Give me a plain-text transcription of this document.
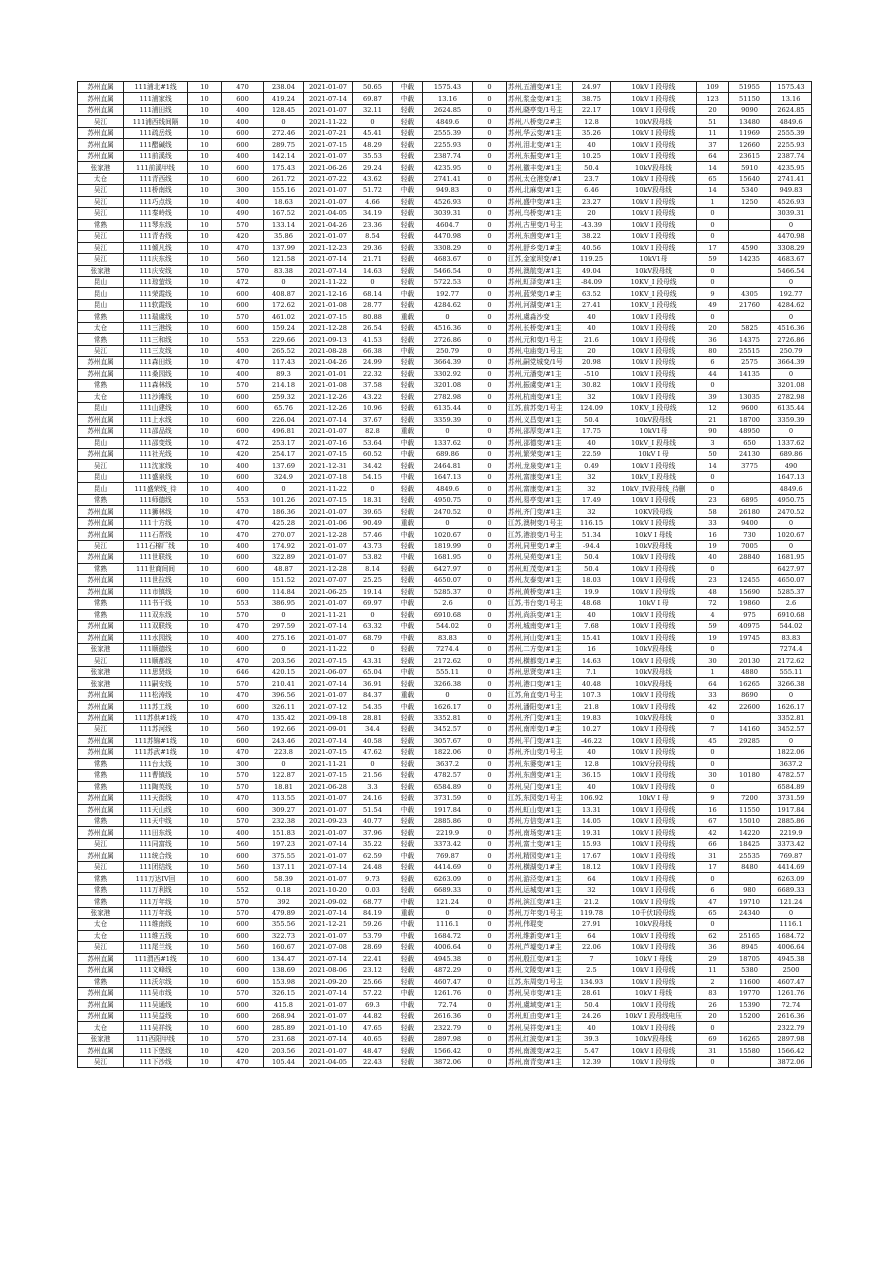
苏州直属	111浦北#1线	10	470	238.04	2021-01-07	50.65	中载	1575.43	0	苏州,五浦变/#1主	24.97	10kV I 段母线	109	51955	1575.43
苏州直属	111浦家线	10	600	419.24	2021-07-14	69.87	中载	13.16	0	苏州,浆金变/#1主	38.75	10kV I 段母线	123	51150	13.16
苏州直属	111浦田线	10	400	128.45	2021-01-07	32.11	轻载	2624.85	0	苏州,晓亭变/1号主	22.17	10kV I 段母线	20	9090	2624.85
吴江	111浦西线间隔	10	400	0	2021-11-22	0	轻载	4849.6	0	苏州,八桥变/2#主	12.8	10kV段母线	51	13480	4849.6
苏州直属	111疏岳线	10	600	272.46	2021-07-21	45.41	轻载	2555.39	0	苏州,华云变/#1主	35.26	10kV I 段母线	11	11969	2555.39
苏州直属	111醋碱线	10	600	289.75	2021-07-15	48.29	轻载	2255.93	0	苏州,泪北变/#1主	40	10kV I 段母线	37	12660	2255.93
苏州直属	111前溪线	10	400	142.14	2021-01-07	35.53	轻载	2387.74	0	苏州,东振变/#1主	10.25	10kV I 段母线	64	23615	2387.74
张家港	111前溪甲线	10	600	175.43	2021-06-26	29.24	轻载	4235.95	0	苏州,徽丰变/#1主	50.4	10kV段母线	14	5910	4235.95
太仓	111青西线	10	600	261.72	2021-07-22	43.62	轻载	2741.41	0	苏州,太仓港变/#1	23.7	10kV I 段母线	65	15640	2741.41
吴江	111桥南线	10	300	155.16	2021-01-07	51.72	中载	949.83	0	苏州,北麻变/#1主	6.46	10kV段母线	14	5340	949.83
吴江	111巧点线	10	400	18.63	2021-01-07	4.66	轻载	4526.93	0	苏州,盛中变/#1主	23.27	10kV I 段母线	1	1250	4526.93
吴江	111秦岭线	10	490	167.52	2021-04-05	34.19	轻载	3039.31	0	苏州,乌桥变/#1主	20	10kV I 段母线	0		3039.31
常熟	111琴东线	10	570	133.14	2021-04-26	23.36	轻载	4604.7	0	苏州,古里变/1号主	-43.39	10kV I 段母线	0		0
吴江	111青杏线	10	420	35.86	2021-01-07	8.54	轻载	4470.98	0	苏州,东茵变/#1主	38.22	10kV I 段母线	0		4470.98
吴江	111倾凡线	10	470	137.99	2021-12-23	29.36	轻载	3308.29	0	苏州,舒乡变/1#主	40.56	10kV I 段母线	17	4590	3308.29
吴江	111庆东线	10	560	121.58	2021-07-14	21.71	轻载	4683.67	0	江苏,金家坝变/#1	119.25	10kV1母	59	14235	4683.67
张家港	111庆安线	10	570	83.38	2021-07-14	14.63	轻载	5466.54	0	苏州,澳航变/#1主	49.04	10kV段母线	0		5466.54
昆山	111琼萤线	10	472	0	2021-11-22	0	轻载	5722.53	0	苏州,虹泽变/#1主	-84.09	10KV_I 段母线	0		0
昆山	111荣霞线	10	600	408.87	2021-12-16	68.14	中载	192.77	0	苏州,蓝荣变/1#主	63.52	10KV_I 段母线	9	4305	192.77
昆山	111软霞线	10	600	172.62	2021-01-08	28.77	轻载	4284.62	0	苏州,河湖变/#1主	27.41	10KV_I 段母线	49	21760	4284.62
常熟	111瑞虞线	10	570	461.02	2021-07-15	80.88	重载	0	0	苏州,虞淼沙变	40	10kV I 段母线	0		0
太仓	111三港线	10	600	159.24	2021-12-28	26.54	轻载	4516.36	0	苏州,长桥变/#1主	40	10kV I 段母线	20	5825	4516.36
常熟	111三和线	10	553	229.66	2021-09-13	41.53	轻载	2726.86	0	苏州,元和变/1号主	21.6	10kV I 段母线	36	14375	2726.86
吴江	111三友线	10	400	265.52	2021-08-28	66.38	中载	250.79	0	苏州,屯庙变/1号主	20	10kV I 段母线	80	25515	250.79
苏州直属	111森田线	10	470	117.43	2021-04-26	24.99	轻载	3664.39	0	苏州,嗣党城变/1号	20.98	10kV I 段母线	6	2575	3664.39
苏州直属	111桑园线	10	400	89.3	2021-01-01	22.32	轻载	3302.92	0	苏州,元潘变/#1主	-510	10kV I 段母线	44	14135	0
常熟	111森林线	10	570	214.18	2021-01-08	37.58	轻载	3201.08	0	苏州,振虞变/#1主	30.82	10kV I 段母线	0		3201.08
太仓	111沙滩线	10	600	259.32	2021-12-26	43.22	轻载	2782.98	0	苏州,杭南变/#1主	32	10kV I 段母线	39	13035	2782.98
昆山	111山建线	10	600	65.76	2021-12-26	10.96	轻载	6135.44	0	江苏,前苏变/1号主	124.09	10KV_I 段母线	12	9600	6135.44
苏州直属	111上水线	10	600	226.04	2021-07-14	37.67	轻载	3359.39	0	苏州,义昌变/#1主	50.4	10kV段母线	21	18700	3359.39
苏州直属	111邵品线	10	600	496.81	2021-01-07	82.8	重载	0	0	苏州,邵厚变/#1主	17.75	10kV1母	90	48950	0
昆山	111邵变线	10	472	253.17	2021-07-16	53.64	中载	1337.62	0	苏州,邵德变/#1主	40	10kV_I 段母线	3	650	1337.62
苏州直属	111社光线	10	420	254.17	2021-07-15	60.52	中载	689.86	0	苏州,繁荣变/#1主	22.59	10kV I 母	50	24130	689.86
吴江	111沈家线	10	400	137.69	2021-12-31	34.42	轻载	2464.81	0	苏州,龙泉变/#1主	0.49	10kV I 段母线	14	3775	490
昆山	111盛泉线	10	600	324.9	2021-07-18	54.15	中载	1647.13	0	苏州,富康变/#1主	32	10kV_I 段母线	0		1647.13
昆山	111盛荣线_待	10	400	0	2021-11-22	0	轻载	4849.6	0	苏州,富康变/#1主	32	10kV_IV段母线_待删	0		4849.6
常熟	111师德线	10	553	101.26	2021-07-15	18.31	轻载	4950.75	0	苏州,易亭变/#1主	17.49	10kV I 段母线	23	6895	4950.75
苏州直属	111狮林线	10	470	186.36	2021-01-07	39.65	轻载	2470.52	0	苏州,齐门变/#1主	32	10KV段母线	58	26180	2470.52
苏州直属	111十方线	10	470	425.28	2021-01-06	90.49	重载	0	0	江苏,澳树变/1号主	116.15	10kV I 段母线	33	9400	0
苏州直属	111石帮线	10	470	270.07	2021-12-28	57.46	中载	1020.67	0	江苏,港浪变/1号主	51.34	10kV I 母线	16	730	1020.67
吴江	111石棉厂线	10	400	174.92	2021-01-07	43.73	轻载	1819.99	0	苏州,同里变/1#主	-94.4	10kV段母线	19	7005	0
苏州直属	111世联线	10	600	322.89	2021-01-07	53.82	中载	1681.95	0	苏州,吴苑变/#1主	50.4	10kV I 段母线	40	28840	1681.95
常熟	111世商间间	10	600	48.87	2021-12-28	8.14	轻载	6427.97	0	苏州,虹茂变/#1主	50.4	10kV I 段母线	0		6427.97
苏州直属	111世拉线	10	600	151.52	2021-07-07	25.25	轻载	4650.07	0	苏州,友泰变/#1主	18.03	10kV I 段母线	23	12455	4650.07
苏州直属	111市镇线	10	600	114.84	2021-06-25	19.14	轻载	5285.37	0	苏州,黄桥变/#1主	19.9	10kV I 段母线	48	15690	5285.37
常熟	111书干线	10	553	386.95	2021-01-07	69.97	中载	2.6	0	江苏,书台变/1号主	48.68	10kV I 母	72	19860	2.6
常熟	111双东线	10	570	0	2021-11-21	0	轻载	6910.68	0	苏州,尚浜变/#1主	40	10kV I 段母线	4	975	6910.68
苏州直属	111双联线	10	470	297.59	2021-07-14	63.32	中载	544.02	0	苏州,城南变/#1主	7.68	10kV I 段母线	59	40975	544.02
苏州直属	111水园线	10	400	275.16	2021-01-07	68.79	中载	83.83	0	苏州,河山变/#1主	15.41	10kV I 段母线	19	19745	83.83
张家港	111顺德线	10	600	0	2021-11-22	0	轻载	7274.4	0	苏州,二方变/#1主	16	10kV段母线	0		7274.4
吴江	111顺都线	10	470	203.56	2021-07-15	43.31	轻载	2172.62	0	苏州,横都变/1#主	14.63	10kV I 段母线	30	20130	2172.62
张家港	111思贤线	10	646	420.15	2021-06-07	65.04	中载	555.11	0	苏州,思贤变/#1主	7.1	10kV段母线	1	4880	555.11
张家港	111嗣安线	10	570	210.41	2021-07-14	36.91	轻载	3266.38	0	苏州,港口变/#1主	40.48	10kV段母线	64	16265	3266.38
苏州直属	111松涛线	10	470	396.56	2021-01-07	84.37	重载	0	0	江苏,角直变/1号主	107.3	10kV I 段母线	33	8690	0
苏州直属	111苏工线	10	600	326.11	2021-07-12	54.35	中载	1626.17	0	苏州,潘阳变/#1主	21.8	10kV I 段母线	42	22600	1626.17
苏州直属	111苏供#1线	10	470	135.42	2021-09-18	28.81	轻载	3352.81	0	苏州,齐门变/#1主	19.83	10kV段母线	0		3352.81
吴江	111苏河线	10	560	192.66	2021-09-01	34.4	轻载	3452.57	0	苏州,南库变/1#主	10.27	10kV I 段母线	7	14160	3452.57
苏州直属	111苏锦#1线	10	600	243.46	2021-07-14	40.58	轻载	3057.67	0	苏州,平门变/#1主	-46.22	10kV I 段母线	45	29285	0
苏州直属	111苏武#1线	10	470	223.8	2021-07-15	47.62	轻载	1822.06	0	苏州,齐山变/1号主	40	10kV I 段母线	0		1822.06
常熟	111台太线	10	300	0	2021-11-21	0	轻载	3637.2	0	苏州,东婆变/#1主	12.8	10kV分段母线	0		3637.2
常熟	111曹镇线	10	570	122.87	2021-07-15	21.56	轻载	4782.57	0	苏州,东茵变/#1主	36.15	10kV I 段母线	30	10180	4782.57
常熟	111陶英线	10	570	18.81	2021-06-28	3.3	轻载	6584.89	0	苏州,吴门变/#1主	40	10kV I 段母线	0		6584.89
苏州直属	111天街线	10	470	113.55	2021-01-07	24.16	轻载	3731.59	0	江苏,东园变/1号主	106.92	10kV I 母	9	7200	3731.59
苏州直属	111天山线	10	600	309.27	2021-01-07	51.54	中载	1917.84	0	苏州,虹山变/#1主	13.31	10kV I 段母线	16	11550	1917.84
常熟	111天中线	10	570	232.38	2021-09-23	40.77	轻载	2885.86	0	苏州,方信变/#1主	14.05	10kV I 段母线	67	15010	2885.86
苏州直属	111田东线	10	400	151.83	2021-01-07	37.96	轻载	2219.9	0	苏州,南场变/#1主	19.31	10kV I 段母线	42	14220	2219.9
吴江	111同富线	10	560	197.23	2021-07-14	35.22	轻载	3373.42	0	苏州,富土变/#1主	15.93	10kV I 段母线	66	18425	3373.42
苏州直属	111统合线	10	600	375.55	2021-01-07	62.59	中载	769.87	0	苏州,精园变/#1主	17.67	10kV I 段母线	31	25535	769.87
吴江	111团结线	10	560	137.11	2021-07-14	24.48	轻载	4414.69	0	苏州,横湖变/1#主	18.12	10kV I 段母线	17	8480	4414.69
常熟	111万达IV回	10	600	58.39	2021-01-07	9.73	轻载	6263.09	0	苏州,游泾变/#1主	64	10kV I 段母线	0		6263.09
常熟	111万利线	10	552	0.18	2021-10-20	0.03	轻载	6689.33	0	苏州,运城变/#1主	32	10kV I 段母线	6	980	6689.33
常熟	111万年线	10	570	392	2021-09-02	68.77	中载	121.24	0	苏州,滨江变/#1主	21.2	10kV I 段母线	47	19710	121.24
张家港	111万年线	10	570	479.89	2021-07-14	84.19	重载	0	0	苏州,万年变/1号主	119.78	10千伏I段母线	65	24340	0
太仓	111维南线	10	600	355.56	2021-12-21	59.26	中载	1116.1	0	苏州,伟琨变	27.91	10kV段母线	0		1116.1
太仓	111维五线	10	600	322.73	2021-01-07	53.79	中载	1684.72	0	苏州,维新变/#1主	64	10kV I 段母线	62	25165	1684.72
吴江	111尾兰线	10	560	160.67	2021-07-08	28.69	轻载	4006.64	0	苏州,芦墟变/1#主	22.06	10kV I 段母线	36	8945	4006.64
苏州直属	111渭西#1线	10	600	134.47	2021-07-14	22.41	轻载	4945.38	0	苏州,殷江变/#1主	7	10kV I 母线	29	18705	4945.38
苏州直属	111文峰线	10	600	138.69	2021-08-06	23.12	轻载	4872.29	0	苏州,文陵变/#1主	2.5	10kV I 段母线	11	5380	2500
常熟	111沃尔线	10	600	153.98	2021-09-20	25.66	轻载	4607.47	0	江苏,东周变/1号主	134.93	10kV I 段母线	2	11600	4607.47
苏州直属	111吴市线	10	570	326.15	2021-07-14	57.22	中载	1261.76	0	苏州,吴市变/#1主	28.61	10kV I 母线	83	19770	1261.76
苏州直属	111吴通线	10	600	415.8	2021-01-07	69.3	中载	72.74	0	苏州,虞域变/#1主	50.4	10kV I 段母线	26	15390	72.74
苏州直属	111吴益线	10	600	268.94	2021-01-07	44.82	轻载	2616.36	0	苏州,虹由变/#1主	24.26	10kV I 段母线电压	20	15200	2616.36
太仓	111吴祥线	10	600	285.89	2021-01-10	47.65	轻载	2322.79	0	苏州,吴祥变/#1主	40	10kV I 段母线	0		2322.79
张家港	111西阳甲线	10	570	231.68	2021-07-14	40.65	轻载	2897.98	0	苏州,红波变/#1主	39.3	10kV段母线	69	16265	2897.98
苏州直属	111下堡线	10	420	203.56	2021-01-07	48.47	轻载	1566.42	0	苏州,南渡变/#2主	5.47	10kV I 段母线	31	15580	1566.42
吴江	111下沙线	10	470	105.44	2021-04-05	22.43	轻载	3872.06	0	苏州,南青变/#1主	12.39	10kV I 段母线	0		3872.06
